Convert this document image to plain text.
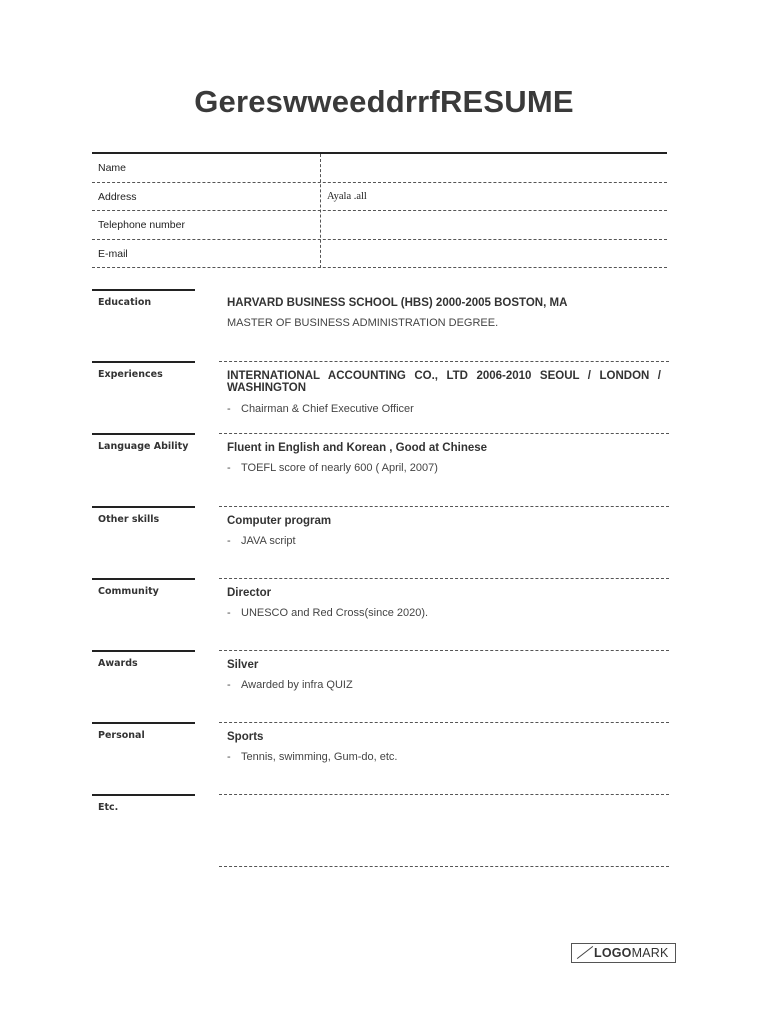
GereswweeddrrfRESUME
Name
Address	Ayala .all
Telephone number
E-mail
Education	HARVARD BUSINESS SCHOOL (HBS) 2000-2005 BOSTON, MA
MASTER OF BUSINESS ADMINISTRATION DEGREE.
Experiences	INTERNATIONAL ACCOUNTING CO., LTD 2006-2010 SEOUL / LONDON / WASHINGTON
- Chairman & Chief Executive Officer
Language Ability	Fluent in English and Korean , Good at Chinese
- TOEFL score of nearly 600 ( April, 2007)
Other skills	Computer program
- JAVA script
Community	Director
- UNESCO and Red Cross(since 2020).
Awards	Silver
- Awarded by infra QUIZ
Personal	Sports
- Tennis, swimming, Gum-do, etc.
Etc.
LOGOMARK
